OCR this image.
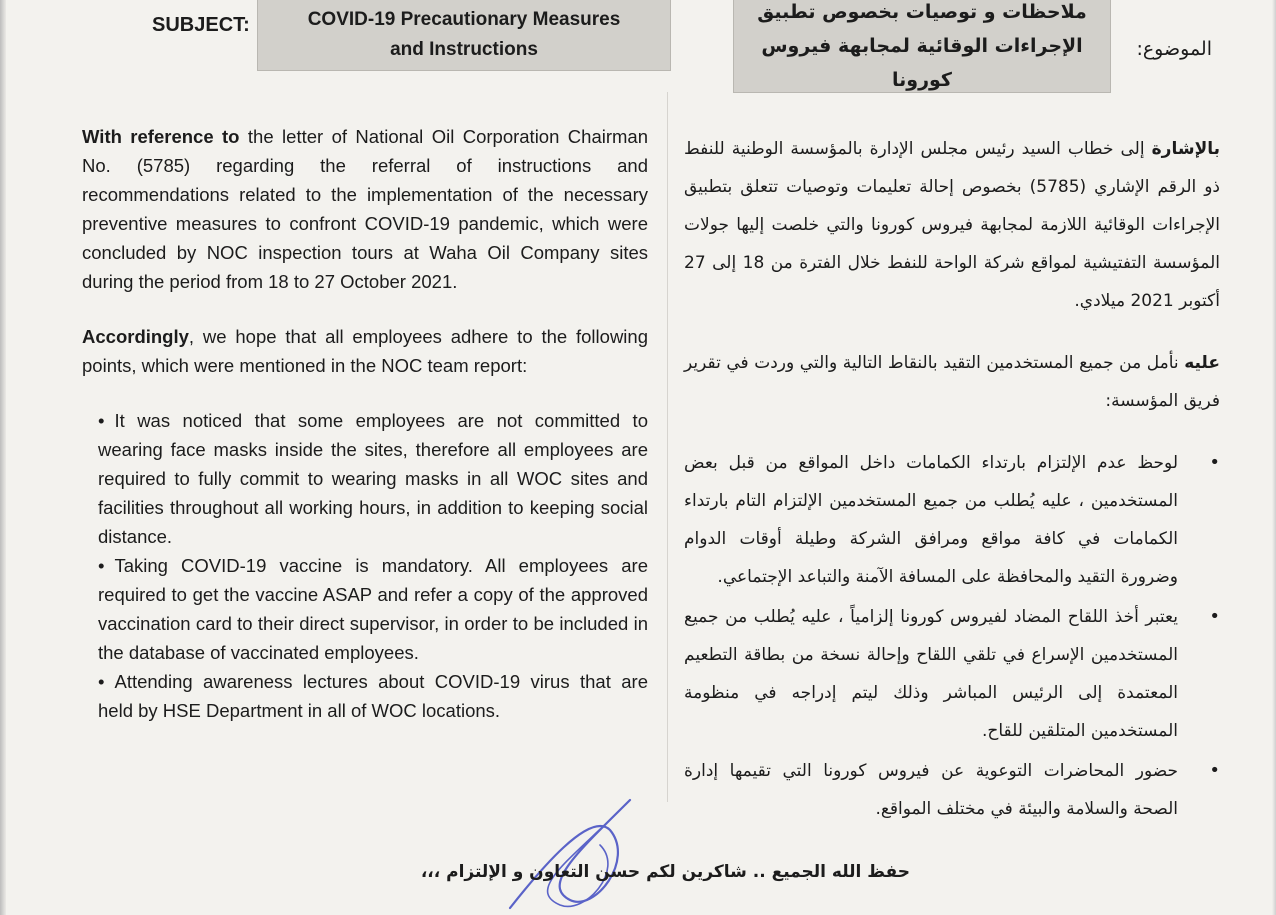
SUBJECT:	COVID-19 Precautionary Measures
and Instructions
ملاحظات و توصيات بخصوص تطبيق
الإجراءات الوقائية لمجابهة فيروس كورونا
الموضوع:

With reference to the letter of National Oil Corporation Chairman No. (5785) regarding the referral of instructions and recommendations related to the implementation of the necessary preventive measures to confront COVID-19 pandemic, which were concluded by NOC inspection tours at Waha Oil Company sites during the period from 18 to 27 October 2021.

Accordingly, we hope that all employees adhere to the following points, which were mentioned in the NOC team report:

• It was noticed that some employees are not committed to wearing face masks inside the sites, therefore all employees are required to fully commit to wearing masks in all WOC sites and facilities throughout all working hours, in addition to keeping social distance.
• Taking COVID-19 vaccine is mandatory. All employees are required to get the vaccine ASAP and refer a copy of the approved vaccination card to their direct supervisor, in order to be included in the database of vaccinated employees.
• Attending awareness lectures about COVID-19 virus that are held by HSE Department in all of WOC locations.

بالإشارة إلى خطاب السيد رئيس مجلس الإدارة بالمؤسسة الوطنية للنفط ذو الرقم الإشاري (5785) بخصوص إحالة تعليمات وتوصيات تتعلق بتطبيق الإجراءات الوقائية اللازمة لمجابهة فيروس كورونا والتي خلصت إليها جولات المؤسسة التفتيشية لمواقع شركة الواحة للنفط خلال الفترة من 18 إلى 27 أكتوبر 2021 ميلادي.

عليه نأمل من جميع المستخدمين التقيد بالنقاط التالية والتي وردت في تقرير فريق المؤسسة:

•
لوحظ عدم الإلتزام بارتداء الكمامات داخل المواقع من قبل بعض المستخدمين ، عليه يُطلب من جميع المستخدمين الإلتزام التام بارتداء الكمامات في كافة مواقع ومرافق الشركة وطيلة أوقات الدوام وضرورة التقيد والمحافظة على المسافة الآمنة والتباعد الإجتماعي.
•
يعتبر أخذ اللقاح المضاد لفيروس كورونا إلزامياً ، عليه يُطلب من جميع المستخدمين الإسراع في تلقي اللقاح وإحالة نسخة من بطاقة التطعيم المعتمدة إلى الرئيس المباشر وذلك ليتم إدراجه في منظومة المستخدمين المتلقين للقاح.
•
حضور المحاضرات التوعوية عن فيروس كورونا التي تقيمها إدارة الصحة والسلامة والبيئة في مختلف المواقع.
حفظ الله الجميع .. شاكرين لكم حسن التعاون و الإلتزام ،،،
